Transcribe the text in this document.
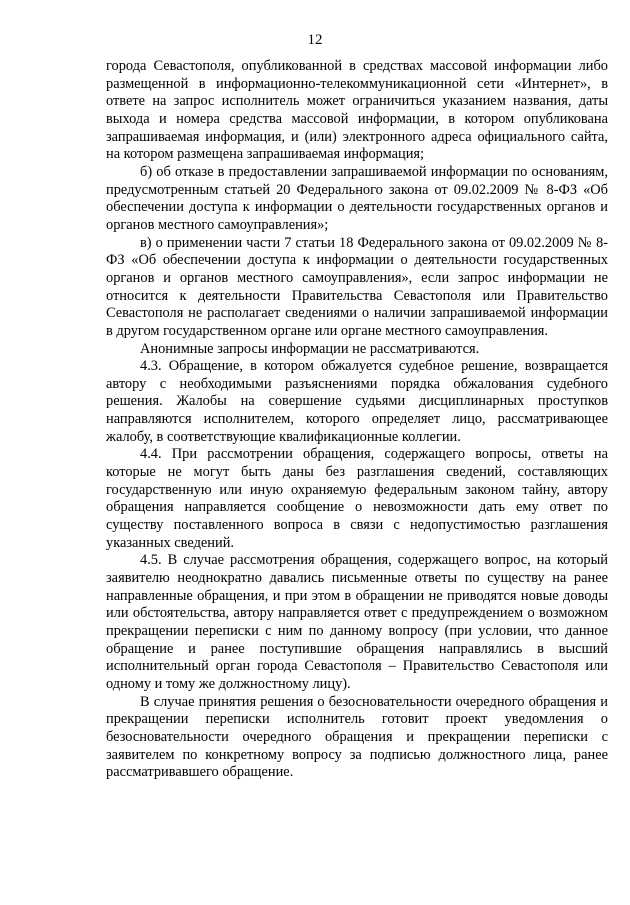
12

города Севастополя, опубликованной в средствах массовой информации либо размещенной в информационно-телекоммуникационной сети «Интернет», в ответе на запрос исполнитель может ограничиться указанием названия, даты выхода и номера средства массовой информации, в котором опубликована запрашиваемая информация, и (или) электронного адреса официального сайта, на котором размещена запрашиваемая информация;

б) об отказе в предоставлении запрашиваемой информации по основаниям, предусмотренным статьей 20 Федерального закона от 09.02.2009 № 8-ФЗ «Об обеспечении доступа к информации о деятельности государственных органов и органов местного самоуправления»;

в) о применении части 7 статьи 18 Федерального закона от 09.02.2009 № 8-ФЗ «Об обеспечении доступа к информации о деятельности государственных органов и органов местного самоуправления», если запрос информации не относится к деятельности Правительства Севастополя или Правительство Севастополя не располагает сведениями о наличии запрашиваемой информации в другом государственном органе или органе местного самоуправления.

Анонимные запросы информации не рассматриваются.

4.3. Обращение, в котором обжалуется судебное решение, возвращается автору с необходимыми разъяснениями порядка обжалования судебного решения. Жалобы на совершение судьями дисциплинарных проступков направляются исполнителем, которого определяет лицо, рассматривающее жалобу, в соответствующие квалификационные коллегии.

4.4. При рассмотрении обращения, содержащего вопросы, ответы на которые не могут быть даны без разглашения сведений, составляющих государственную или иную охраняемую федеральным законом тайну, автору обращения направляется сообщение о невозможности дать ему ответ по существу поставленного вопроса в связи с недопустимостью разглашения указанных сведений.

4.5. В случае рассмотрения обращения, содержащего вопрос, на который заявителю неоднократно давались письменные ответы по существу на ранее направленные обращения, и при этом в обращении не приводятся новые доводы или обстоятельства, автору направляется ответ с предупреждением о возможном прекращении переписки с ним по данному вопросу (при условии, что данное обращение и ранее поступившие обращения направлялись в высший исполнительный орган города Севастополя – Правительство Севастополя или одному и тому же должностному лицу).

В случае принятия решения о безосновательности очередного обращения и прекращении переписки исполнитель готовит проект уведомления о безосновательности очередного обращения и прекращении переписки с заявителем по конкретному вопросу за подписью должностного лица, ранее рассматривавшего обращение.
